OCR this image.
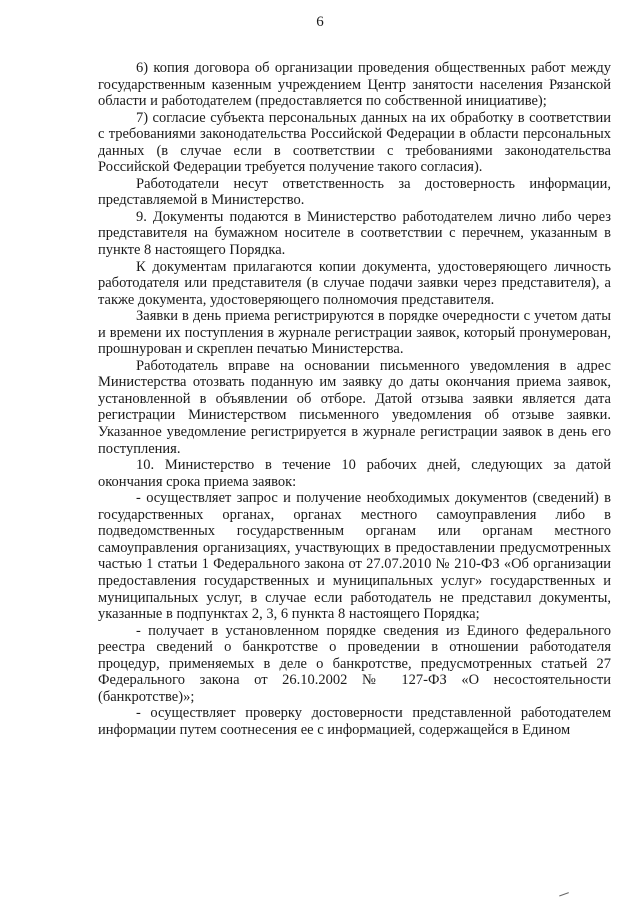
6

6) копия договора об организации проведения общественных работ между государственным казенным учреждением Центр занятости населения Рязанской области и работодателем (предоставляется по собственной инициативе);

7) согласие субъекта персональных данных на их обработку в соответствии с требованиями законодательства Российской Федерации в области персональных данных (в случае если в соответствии с требованиями законодательства Российской Федерации требуется получение такого согласия).

Работодатели несут ответственность за достоверность информации, представляемой в Министерство.

9. Документы подаются в Министерство работодателем лично либо через представителя на бумажном носителе в соответствии с перечнем, указанным в пункте 8 настоящего Порядка.

К документам прилагаются копии документа, удостоверяющего личность работодателя или представителя (в случае подачи заявки через представителя), а также документа, удостоверяющего полномочия представителя.

Заявки в день приема регистрируются в порядке очередности с учетом даты и времени их поступления в журнале регистрации заявок, который пронумерован, прошнурован и скреплен печатью Министерства.

Работодатель вправе на основании письменного уведомления в адрес Министерства отозвать поданную им заявку до даты окончания приема заявок, установленной в объявлении об отборе. Датой отзыва заявки является дата регистрации Министерством письменного уведомления об отзыве заявки. Указанное уведомление регистрируется в журнале регистрации заявок в день его поступления.

10. Министерство в течение 10 рабочих дней, следующих за датой окончания срока приема заявок:

- осуществляет запрос и получение необходимых документов (сведений) в государственных органах, органах местного самоуправления либо в подведомственных государственным органам или органам местного самоуправления организациях, участвующих в предоставлении предусмотренных частью 1 статьи 1 Федерального закона от 27.07.2010 № 210-ФЗ «Об организации предоставления государственных и муниципальных услуг» государственных и муниципальных услуг, в случае если работодатель не представил документы, указанные в подпунктах 2, 3, 6 пункта 8 настоящего Порядка;

- получает в установленном порядке сведения из Единого федерального реестра сведений о банкротстве о проведении в отношении работодателя процедур, применяемых в деле о банкротстве, предусмотренных статьей 27 Федерального закона от 26.10.2002 № 127-ФЗ «О несостоятельности (банкротстве)»;

- осуществляет проверку достоверности представленной работодателем информации путем соотнесения ее с информацией, содержащейся в Едином
